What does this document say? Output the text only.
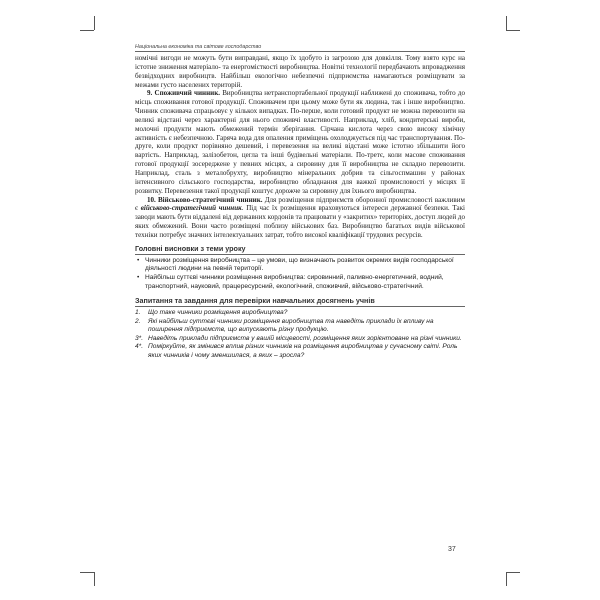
Національна економіка та світове господарство

номічні вигоди не можуть бути виправдані, якщо їх здобуто із загрозою для довкілля. Тому взято курс на істотне зниження матеріало- та енергомісткості виробництва. Новітні технології передбачають впровадження безвідходних виробництв. Найбільш екологічно небезпечні підприємства намагаються розміщувати за межами густо населених територій.

9. Споживчий чинник. Виробництва нетранспортабельної продукції наближені до споживача, тобто до місць споживання готової продукції. Споживачем при цьому може бути як людина, так і інше виробництво. Чинник споживача спрацьовує у кількох випадках. По-перше, коли готовий продукт не можна перевозити на великі відстані через характерні для нього споживчі властивості. Наприклад, хліб, кондитерські вироби, молочні продукти мають обмежений термін зберігання. Сірчана кислота через свою високу хімічну активність є небезпечною. Гаряча вода для опалення приміщень охолоджується під час транспортування. По-друге, коли продукт порівняно дешевий, і перевезення на великі відстані може істотно збільшити його вартість. Наприклад, залізобетон, цегла та інші будівельні матеріали. По-третє, коли масове споживання готової продукції зосереджене у певних місцях, а сировину для її виробництва не складно перевозити. Наприклад, сталь з металобрухту, виробництво мінеральних добрив та сільгоспмашин у районах інтенсивного сільського господарства, виробництво обладнання для важкої промисловості у місцях її розвитку. Перевезення такої продукції коштує дорожче за сировину для їхнього виробництва.

10. Військово-стратегічний чинник. Для розміщення підприємств оборонної промисловості важливим є військово-стратегічний чинник. Під час їх розміщення враховуються інтереси державної безпеки. Такі заводи мають бути віддалені від державних кордонів та працювати у «закритих» територіях, доступ людей до яких обмежений. Вони часто розміщені поблизу військових баз. Виробництво багатьох видів військової техніки потребує значних інтелектуальних затрат, тобто високої кваліфікації трудових ресурсів.

Головні висновки з теми уроку
• Чинники розміщення виробництва – це умови, що визначають розвиток окремих видів господарської діяльності людини на певній території.
• Найбільш суттєві чинники розміщення виробництва: сировинний, паливно-енергетичний, водний, транспортний, науковий, працересурсний, екологічний, споживчий, військово-стратегічний.
Запитання та завдання для перевірки навчальних досягнень учнів
1. Що таке чинники розміщення виробництва?
2. Які найбільш суттєві чинники розміщення виробництва та наведіть приклади їх впливу на поширення підприємств, що випускають різну продукцію.
3*. Наведіть приклади підприємств у вашій місцевості, розміщення яких зорієнтоване на різні чинники.
4*. Поміркуйте, як змінився вплив різних чинників на розміщення виробництва у сучасному світі. Роль яких чинників і чому зменшилася, а яких – зросла?
37
